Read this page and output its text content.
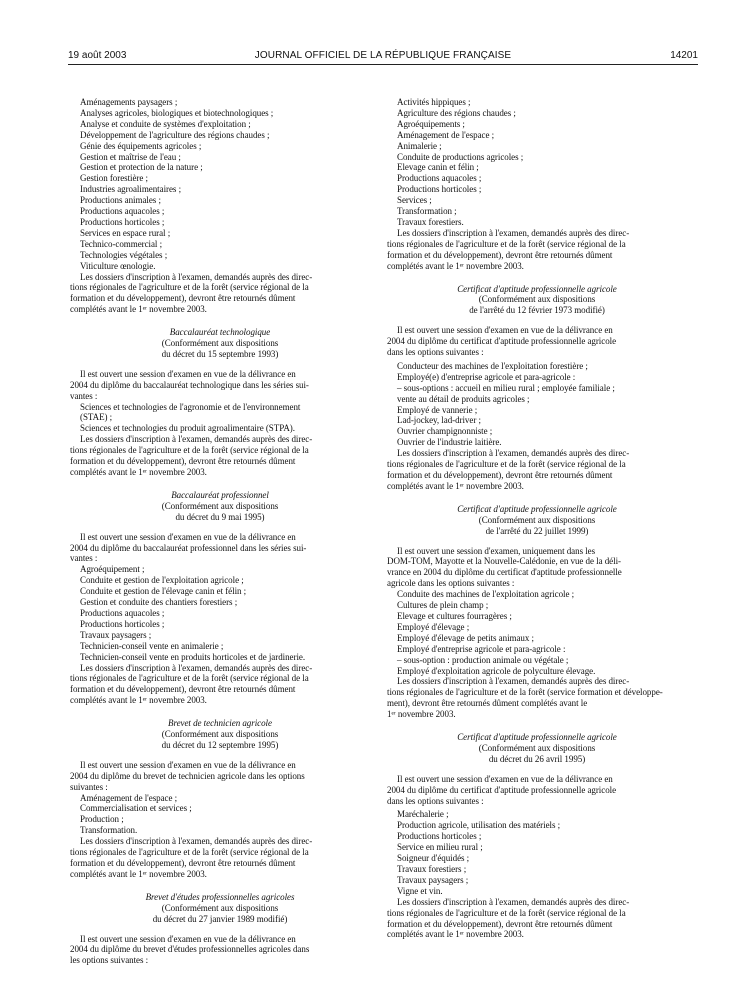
19 août 2003	JOURNAL OFFICIEL DE LA RÉPUBLIQUE FRANÇAISE	14201
Aménagements paysagers ;
Analyses agricoles, biologiques et biotechnologiques ;
Analyse et conduite de systèmes d'exploitation ;
Développement de l'agriculture des régions chaudes ;
Génie des équipements agricoles ;
Gestion et maîtrise de l'eau ;
Gestion et protection de la nature ;
Gestion forestière ;
Industries agroalimentaires ;
Productions animales ;
Productions aquacoles ;
Productions horticoles ;
Services en espace rural ;
Technico-commercial ;
Technologies végétales ;
Viticulture œnologie.
Les dossiers d'inscription à l'examen, demandés auprès des direc-
tions régionales de l'agriculture et de la forêt (service régional de la
formation et du développement), devront être retournés dûment
complétés avant le 1ᵉʳ novembre 2003.
Baccalauréat technologique
(Conformément aux dispositions
du décret du 15 septembre 1993)
Il est ouvert une session d'examen en vue de la délivrance en
2004 du diplôme du baccalauréat technologique dans les séries sui-
vantes :
Sciences et technologies de l'agronomie et de l'environnement
(STAE) ;
Sciences et technologies du produit agroalimentaire (STPA).
Les dossiers d'inscription à l'examen, demandés auprès des direc-
tions régionales de l'agriculture et de la forêt (service régional de la
formation et du développement), devront être retournés dûment
complétés avant le 1ᵉʳ novembre 2003.
Baccalauréat professionnel
(Conformément aux dispositions
du décret du 9 mai 1995)
Il est ouvert une session d'examen en vue de la délivrance en
2004 du diplôme du baccalauréat professionnel dans les séries sui-
vantes :
Agroéquipement ;
Conduite et gestion de l'exploitation agricole ;
Conduite et gestion de l'élevage canin et félin ;
Gestion et conduite des chantiers forestiers ;
Productions aquacoles ;
Productions horticoles ;
Travaux paysagers ;
Technicien-conseil vente en animalerie ;
Technicien-conseil vente en produits horticoles et de jardinerie.
Les dossiers d'inscription à l'examen, demandés auprès des direc-
tions régionales de l'agriculture et de la forêt (service régional de la
formation et du développement), devront être retournés dûment
complétés avant le 1ᵉʳ novembre 2003.
Brevet de technicien agricole
(Conformément aux dispositions
du décret du 12 septembre 1995)
Il est ouvert une session d'examen en vue de la délivrance en
2004 du diplôme du brevet de technicien agricole dans les options
suivantes :
Aménagement de l'espace ;
Commercialisation et services ;
Production ;
Transformation.
Les dossiers d'inscription à l'examen, demandés auprès des direc-
tions régionales de l'agriculture et de la forêt (service régional de la
formation et du développement), devront être retournés dûment
complétés avant le 1ᵉʳ novembre 2003.
Brevet d'études professionnelles agricoles
(Conformément aux dispositions
du décret du 27 janvier 1989 modifié)
Il est ouvert une session d'examen en vue de la délivrance en
2004 du diplôme du brevet d'études professionnelles agricoles dans
les options suivantes :
Activités hippiques ;
Agriculture des régions chaudes ;
Agroéquipements ;
Aménagement de l'espace ;
Animalerie ;
Conduite de productions agricoles ;
Elevage canin et félin ;
Productions aquacoles ;
Productions horticoles ;
Services ;
Transformation ;
Travaux forestiers.
Les dossiers d'inscription à l'examen, demandés auprès des direc-
tions régionales de l'agriculture et de la forêt (service régional de la
formation et du développement), devront être retournés dûment
complétés avant le 1ᵉʳ novembre 2003.
Certificat d'aptitude professionnelle agricole
(Conformément aux dispositions
de l'arrêté du 12 février 1973 modifié)
Il est ouvert une session d'examen en vue de la délivrance en
2004 du diplôme du certificat d'aptitude professionnelle agricole
dans les options suivantes :
Conducteur des machines de l'exploitation forestière ;
Employé(e) d'entreprise agricole et para-agricole :
– sous-options : accueil en milieu rural ; employée familiale ;
vente au détail de produits agricoles ;
Employé de vannerie ;
Lad-jockey, lad-driver ;
Ouvrier champignonniste ;
Ouvrier de l'industrie laitière.
Les dossiers d'inscription à l'examen, demandés auprès des direc-
tions régionales de l'agriculture et de la forêt (service régional de la
formation et du développement), devront être retournés dûment
complétés avant le 1ᵉʳ novembre 2003.
Certificat d'aptitude professionnelle agricole
(Conformément aux dispositions
de l'arrêté du 22 juillet 1999)
Il est ouvert une session d'examen, uniquement dans les
DOM-TOM, Mayotte et la Nouvelle-Calédonie, en vue de la déli-
vrance en 2004 du diplôme du certificat d'aptitude professionnelle
agricole dans les options suivantes :
Conduite des machines de l'exploitation agricole ;
Cultures de plein champ ;
Elevage et cultures fourragères ;
Employé d'élevage ;
Employé d'élevage de petits animaux ;
Employé d'entreprise agricole et para-agricole :
– sous-option : production animale ou végétale ;
Employé d'exploitation agricole de polyculture élevage.
Les dossiers d'inscription à l'examen, demandés auprès des direc-
tions régionales de l'agriculture et de la forêt (service formation et développe-
ment), devront être retournés dûment complétés avant le
1ᵉʳ novembre 2003.
Certificat d'aptitude professionnelle agricole
(Conformément aux dispositions
du décret du 26 avril 1995)
Il est ouvert une session d'examen en vue de la délivrance en
2004 du diplôme du certificat d'aptitude professionnelle agricole
dans les options suivantes :
Maréchalerie ;
Production agricole, utilisation des matériels ;
Productions horticoles ;
Service en milieu rural ;
Soigneur d'équidés ;
Travaux forestiers ;
Travaux paysagers ;
Vigne et vin.
Les dossiers d'inscription à l'examen, demandés auprès des direc-
tions régionales de l'agriculture et de la forêt (service régional de la
formation et du développement), devront être retournés dûment
complétés avant le 1ᵉʳ novembre 2003.
